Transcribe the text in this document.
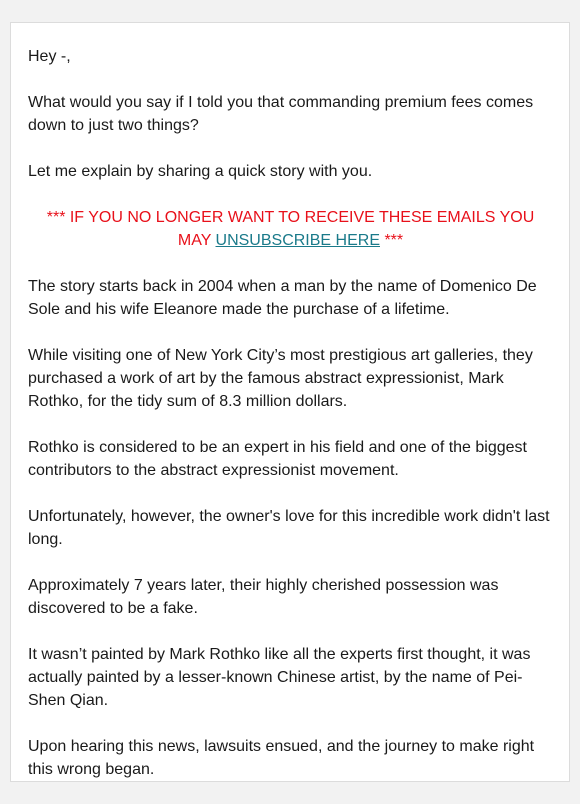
Hey -,

What would you say if I told you that commanding premium fees comes down to just two things?

Let me explain by sharing a quick story with you.

*** IF YOU NO LONGER WANT TO RECEIVE THESE EMAILS YOU MAY UNSUBSCRIBE HERE ***

The story starts back in 2004 when a man by the name of Domenico De Sole and his wife Eleanore made the purchase of a lifetime.

While visiting one of New York City’s most prestigious art galleries, they purchased a work of art by the famous abstract expressionist, Mark Rothko, for the tidy sum of 8.3 million dollars.

Rothko is considered to be an expert in his field and one of the biggest contributors to the abstract expressionist movement.

Unfortunately, however, the owner's love for this incredible work didn't last long.

Approximately 7 years later, their highly cherished possession was discovered to be a fake.

It wasn’t painted by Mark Rothko like all the experts first thought, it was actually painted by a lesser-known Chinese artist, by the name of Pei-Shen Qian.

Upon hearing this news, lawsuits ensued, and the journey to make right this wrong began.
